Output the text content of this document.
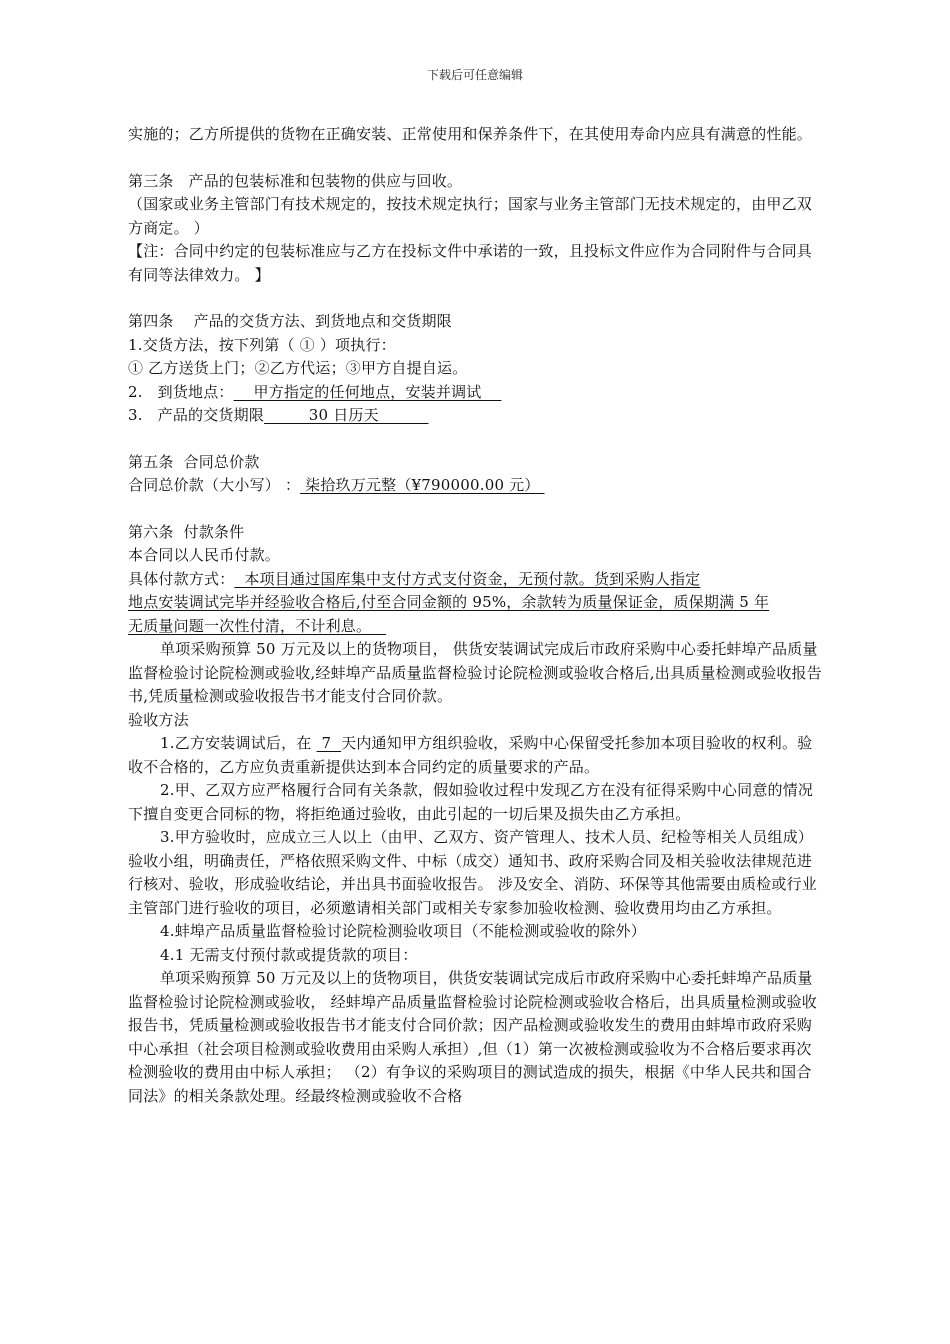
下载后可任意编辑

实施的；乙方所提供的货物在正确安装、正常使用和保养条件下，在其使用寿命内应具有满意的性能。

第三条   产品的包装标准和包装物的供应与回收。

（国家或业务主管部门有技术规定的，按技术规定执行；国家与业务主管部门无技术规定的，由甲乙双方商定。 ）

【注：合同中约定的包装标准应与乙方在投标文件中承诺的一致，且投标文件应作为合同附件与合同具有同等法律效力。 】

第四条    产品的交货方法、到货地点和交货期限

1.交货方法，按下列第（ ① ）项执行：

① 乙方送货上门；②乙方代运；③甲方自提自运。

2.   到货地点：    甲方指定的任何地点，安装并调试

3.   产品的交货期限         30 日历天

第五条  合同总价款

合同总价款（大小写） ： 柒拾玖万元整（¥790000.00 元）

第六条  付款条件

本合同以人民币付款。

具体付款方式：  本项目通过国库集中支付方式支付资金，无预付款。货到采购人指定

地点安装调试完毕并经验收合格后,付至合同金额的 95%，余款转为质量保证金，质保期满 5 年

无质量问题一次性付清，不计利息。

单项采购预算 50 万元及以上的货物项目， 供货安装调试完成后市政府采购中心委托蚌埠产品质量监督检验讨论院检测或验收,经蚌埠产品质量监督检验讨论院检测或验收合格后,出具质量检测或验收报告书,凭质量检测或验收报告书才能支付合同价款。

验收方法

1.乙方安装调试后，在  7  天内通知甲方组织验收，采购中心保留受托参加本项目验收的权利。验收不合格的，乙方应负责重新提供达到本合同约定的质量要求的产品。

2.甲、乙双方应严格履行合同有关条款，假如验收过程中发现乙方在没有征得采购中心同意的情况下擅自变更合同标的物，将拒绝通过验收，由此引起的一切后果及损失由乙方承担。

3.甲方验收时，应成立三人以上（由甲、乙双方、资产管理人、技术人员、纪检等相关人员组成）验收小组，明确责任，严格依照采购文件、中标（成交）通知书、政府采购合同及相关验收法律规范进行核对、验收，形成验收结论，并出具书面验收报告。 涉及安全、消防、环保等其他需要由质检或行业主管部门进行验收的项目，必须邀请相关部门或相关专家参加验收检测、验收费用均由乙方承担。

4.蚌埠产品质量监督检验讨论院检测验收项目（不能检测或验收的除外）

4.1 无需支付预付款或提货款的项目：

单项采购预算 50 万元及以上的货物项目，供货安装调试完成后市政府采购中心委托蚌埠产品质量监督检验讨论院检测或验收， 经蚌埠产品质量监督检验讨论院检测或验收合格后，出具质量检测或验收报告书，凭质量检测或验收报告书才能支付合同价款；因产品检测或验收发生的费用由蚌埠市政府采购中心承担（社会项目检测或验收费用由采购人承担）,但（1）第一次被检测或验收为不合格后要求再次检测验收的费用由中标人承担； （2）有争议的采购项目的测试造成的损失，根据《中华人民共和国合同法》的相关条款处理。经最终检测或验收不合格
